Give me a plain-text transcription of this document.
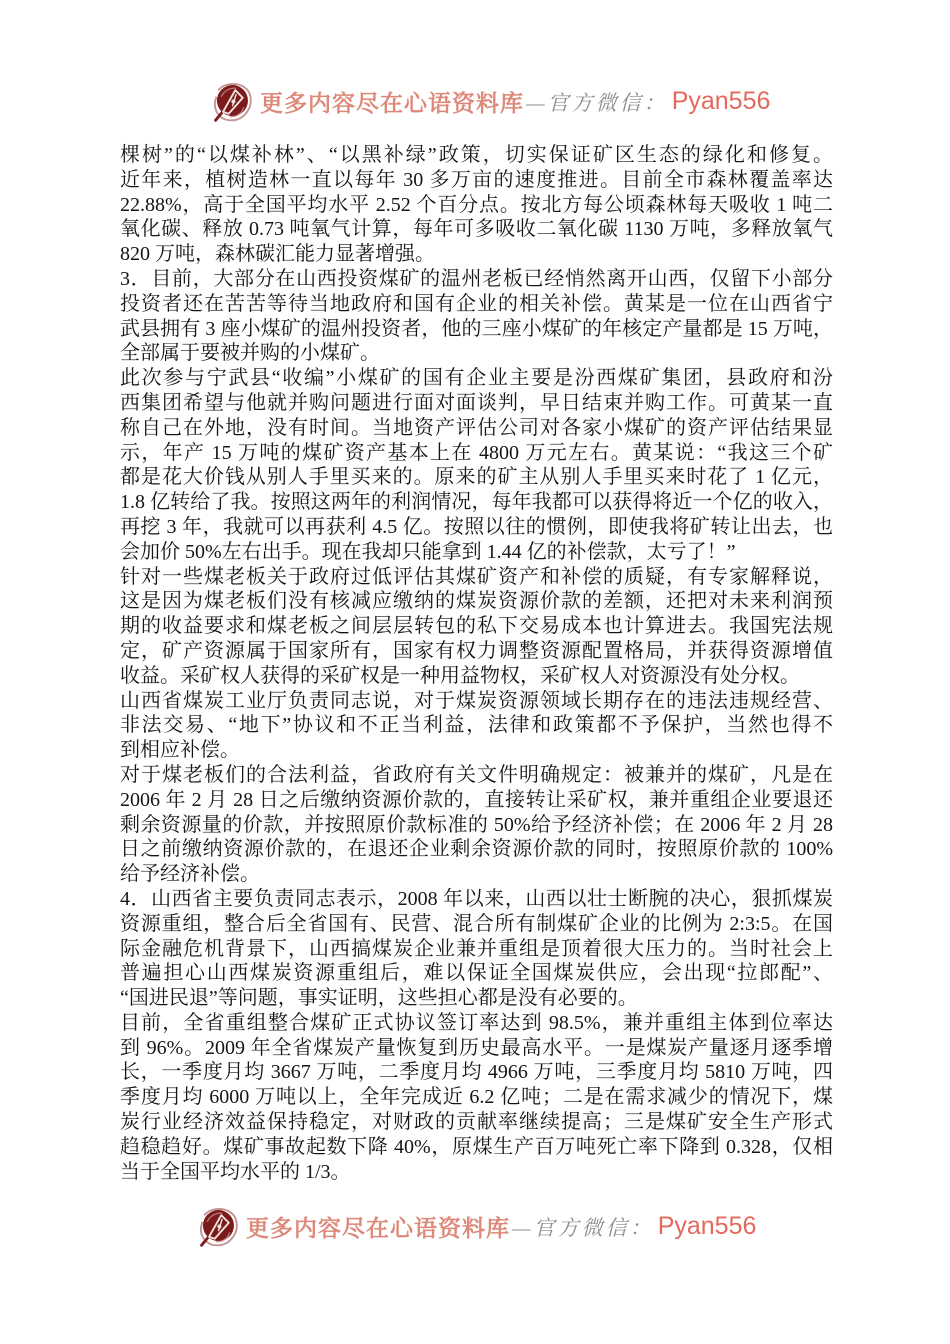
更多内容尽在心语资料库 —官方微信： Pyan556
棵树”的“以煤补林”、“以黑补绿”政策，切实保证矿区生态的绿化和修复。
近年来，植树造林一直以每年 30 多万亩的速度推进。目前全市森林覆盖率达
22.88%，高于全国平均水平 2.52 个百分点。按北方每公顷森林每天吸收 1 吨二
氧化碳、释放 0.73 吨氧气计算，每年可多吸收二氧化碳 1130 万吨，多释放氧气
820 万吨，森林碳汇能力显著增强。
3．目前，大部分在山西投资煤矿的温州老板已经悄然离开山西，仅留下小部分
投资者还在苦苦等待当地政府和国有企业的相关补偿。黄某是一位在山西省宁
武县拥有 3 座小煤矿的温州投资者，他的三座小煤矿的年核定产量都是 15 万吨，
全部属于要被并购的小煤矿。
此次参与宁武县“收编”小煤矿的国有企业主要是汾西煤矿集团，县政府和汾
西集团希望与他就并购问题进行面对面谈判，早日结束并购工作。可黄某一直
称自己在外地，没有时间。当地资产评估公司对各家小煤矿的资产评估结果显
示，年产 15 万吨的煤矿资产基本上在 4800 万元左右。黄某说：“我这三个矿
都是花大价钱从别人手里买来的。原来的矿主从别人手里买来时花了 1 亿元，
1.8 亿转给了我。按照这两年的利润情况，每年我都可以获得将近一个亿的收入，
再挖 3 年，我就可以再获利 4.5 亿。按照以往的惯例，即使我将矿转让出去，也
会加价 50%左右出手。现在我却只能拿到 1.44 亿的补偿款，太亏了！”
针对一些煤老板关于政府过低评估其煤矿资产和补偿的质疑，有专家解释说，
这是因为煤老板们没有核减应缴纳的煤炭资源价款的差额，还把对未来利润预
期的收益要求和煤老板之间层层转包的私下交易成本也计算进去。我国宪法规
定，矿产资源属于国家所有，国家有权力调整资源配置格局，并获得资源增值
收益。采矿权人获得的采矿权是一种用益物权，采矿权人对资源没有处分权。
山西省煤炭工业厅负责同志说，对于煤炭资源领域长期存在的违法违规经营、
非法交易、“地下”协议和不正当利益，法律和政策都不予保护，当然也得不
到相应补偿。
对于煤老板们的合法利益，省政府有关文件明确规定：被兼并的煤矿，凡是在
2006 年 2 月 28 日之后缴纳资源价款的，直接转让采矿权，兼并重组企业要退还
剩余资源量的价款，并按照原价款标准的 50%给予经济补偿；在 2006 年 2 月 28
日之前缴纳资源价款的，在退还企业剩余资源价款的同时，按照原价款的 100%
给予经济补偿。
4．山西省主要负责同志表示，2008 年以来，山西以壮士断腕的决心，狠抓煤炭
资源重组，整合后全省国有、民营、混合所有制煤矿企业的比例为 2:3:5。在国
际金融危机背景下，山西搞煤炭企业兼并重组是顶着很大压力的。当时社会上
普遍担心山西煤炭资源重组后，难以保证全国煤炭供应，会出现“拉郎配”、
“国进民退”等问题，事实证明，这些担心都是没有必要的。
目前，全省重组整合煤矿正式协议签订率达到 98.5%，兼并重组主体到位率达
到 96%。2009 年全省煤炭产量恢复到历史最高水平。一是煤炭产量逐月逐季增
长，一季度月均 3667 万吨，二季度月均 4966 万吨，三季度月均 5810 万吨，四
季度月均 6000 万吨以上，全年完成近 6.2 亿吨；二是在需求减少的情况下，煤
炭行业经济效益保持稳定，对财政的贡献率继续提高；三是煤矿安全生产形式
趋稳趋好。煤矿事故起数下降 40%，原煤生产百万吨死亡率下降到 0.328，仅相
当于全国平均水平的 1/3。
更多内容尽在心语资料库 —官方微信： Pyan556
